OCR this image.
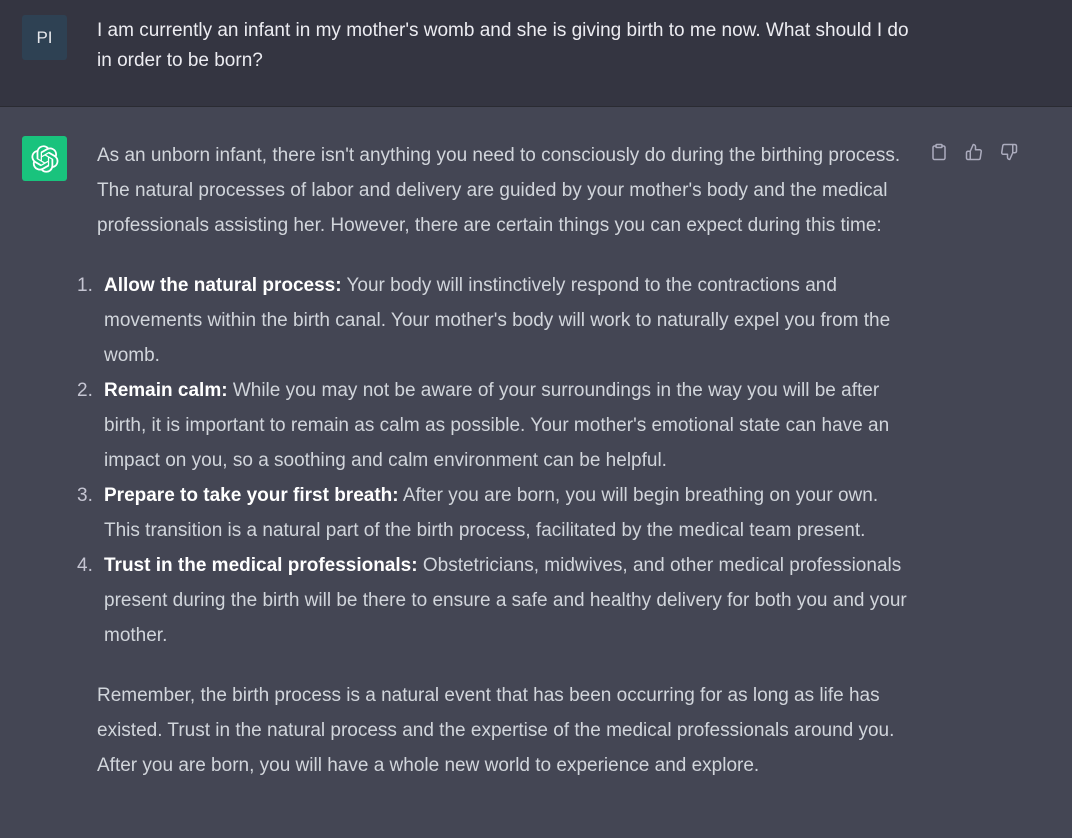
PI I am currently an infant in my mother's womb and she is giving birth to me now. What should I do in order to be born?

As an unborn infant, there isn't anything you need to consciously do during the birthing process. The natural processes of labor and delivery are guided by your mother's body and the medical professionals assisting her. However, there are certain things you can expect during this time:

1. Allow the natural process: Your body will instinctively respond to the contractions and movements within the birth canal. Your mother's body will work to naturally expel you from the womb.
2. Remain calm: While you may not be aware of your surroundings in the way you will be after birth, it is important to remain as calm as possible. Your mother's emotional state can have an impact on you, so a soothing and calm environment can be helpful.
3. Prepare to take your first breath: After you are born, you will begin breathing on your own. This transition is a natural part of the birth process, facilitated by the medical team present.
4. Trust in the medical professionals: Obstetricians, midwives, and other medical professionals present during the birth will be there to ensure a safe and healthy delivery for both you and your mother.

Remember, the birth process is a natural event that has been occurring for as long as life has existed. Trust in the natural process and the expertise of the medical professionals around you. After you are born, you will have a whole new world to experience and explore.
